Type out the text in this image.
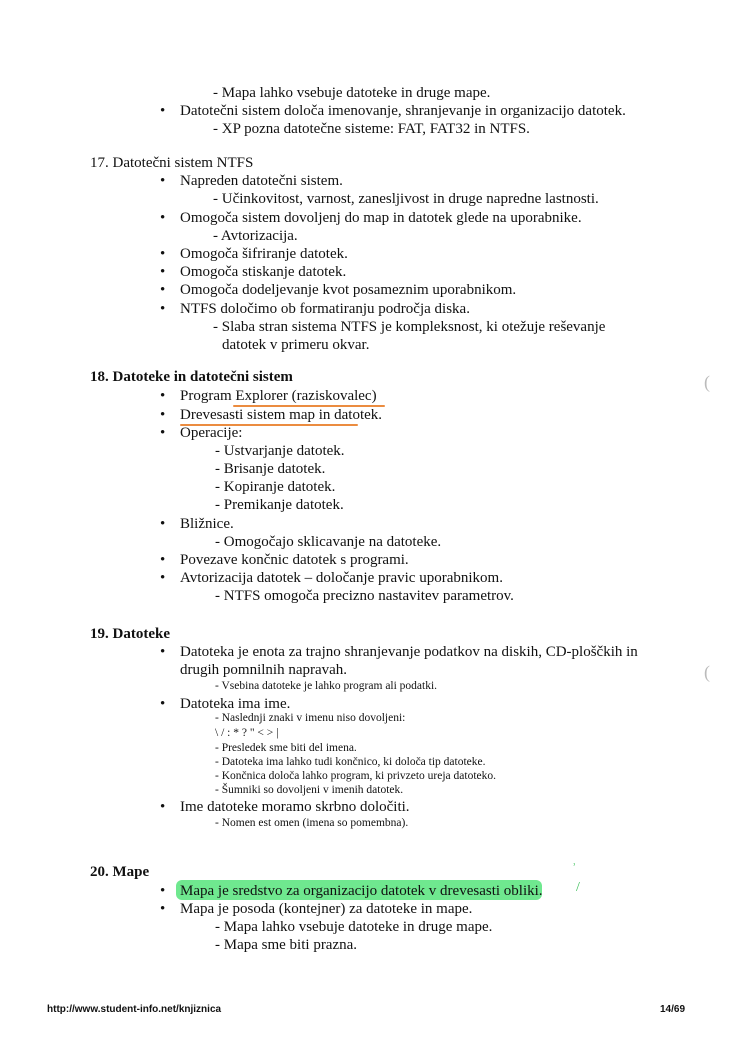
(
(
ʾ
/
- Mapa lahko vsebuje datoteke in druge mape.
• Datotečni sistem določa imenovanje, shranjevanje in organizacijo datotek.
- XP pozna datotečne sisteme: FAT, FAT32 in NTFS.
17. Datotečni sistem NTFS
• Napreden datotečni sistem.
- Učinkovitost, varnost, zanesljivost in druge napredne lastnosti.
• Omogoča sistem dovoljenj do map in datotek glede na uporabnike.
- Avtorizacija.
• Omogoča šifriranje datotek.
• Omogoča stiskanje datotek.
• Omogoča dodeljevanje kvot posameznim uporabnikom.
• NTFS določimo ob formatiranju področja diska.
- Slaba stran sistema NTFS je kompleksnost, ki otežuje reševanje
datotek v primeru okvar.
18. Datoteke in datotečni sistem
• Program Explorer (raziskovalec)
• Drevesasti sistem map in datotek.
• Operacije:
- Ustvarjanje datotek.
- Brisanje datotek.
- Kopiranje datotek.
- Premikanje datotek.
• Bližnice.
- Omogočajo sklicavanje na datoteke.
• Povezave končnic datotek s programi.
• Avtorizacija datotek – določanje pravic uporabnikom.
- NTFS omogoča precizno nastavitev parametrov.
19. Datoteke
• Datoteka je enota za trajno shranjevanje podatkov na diskih, CD-ploščkih in
drugih pomnilnih napravah.
- Vsebina datoteke je lahko program ali podatki.
• Datoteka ima ime.
- Naslednji znaki v imenu niso dovoljeni:
\ / : * ? " < > |
- Presledek sme biti del imena.
- Datoteka ima lahko tudi končnico, ki določa tip datoteke.
- Končnica določa lahko program, ki privzeto ureja datoteko.
- Šumniki so dovoljeni v imenih datotek.
• Ime datoteke moramo skrbno določiti.
- Nomen est omen (imena so pomembna).
20. Mape
• Mapa je sredstvo za organizacijo datotek v drevesasti obliki.
• Mapa je posoda (kontejner) za datoteke in mape.
- Mapa lahko vsebuje datoteke in druge mape.
- Mapa sme biti prazna.
http://www.student-info.net/knjiznica	14/69
